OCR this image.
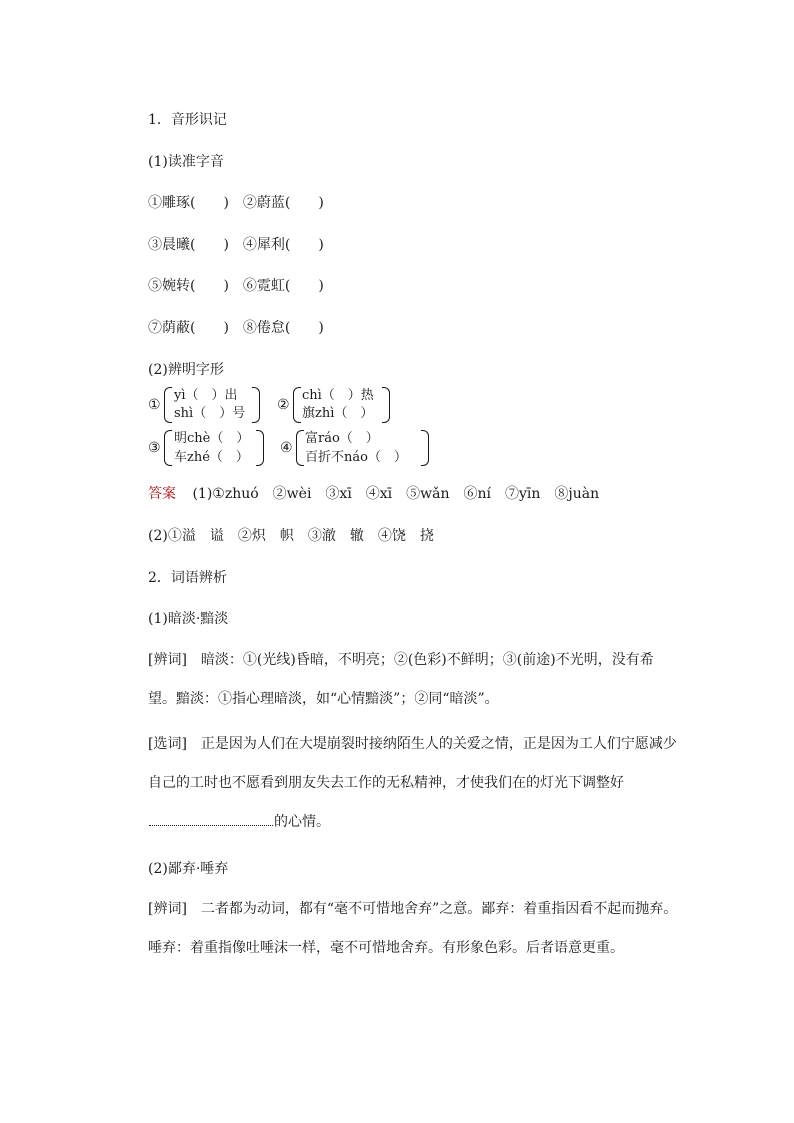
1．音形识记
(1)读准字音
①雕琢(　　)　②蔚蓝(　　)
③晨曦(　　)　④犀利(　　)
⑤婉转(　　)　⑥霓虹(　　)
⑦荫蔽(　　)　⑧倦怠(　　)
(2)辨明字形
①
yì（　）出
shì（　）号
②
chì（　）热
旗zhì（　）
③
明chè（　）
车zhé（　）
④
富ráo（　）
百折不náo（　）
答案 (1)①zhuó　②wèi　③xī　④xī　⑤wǎn　⑥ní　⑦yīn　⑧juàn
(2)①溢　谥　②炽　帜　③澈　辙　④饶　挠
2．词语辨析
(1)暗淡·黯淡
[辨词]　暗淡：①(光线)昏暗，不明亮；②(色彩)不鲜明；③(前途)不光明，没有希望。黯淡：①指心理暗淡，如“心情黯淡”；②同“暗淡”。
[选词]　正是因为人们在大堤崩裂时接纳陌生人的关爱之情，正是因为工人们宁愿减少自己的工时也不愿看到朋友失去工作的无私精神，才使我们在的灯光下调整好的心情。
(2)鄙弃·唾弃
[辨词]　二者都为动词，都有“毫不可惜地舍弃”之意。鄙弃：着重指因看不起而抛弃。唾弃：着重指像吐唾沫一样，毫不可惜地舍弃。有形象色彩。后者语意更重。
